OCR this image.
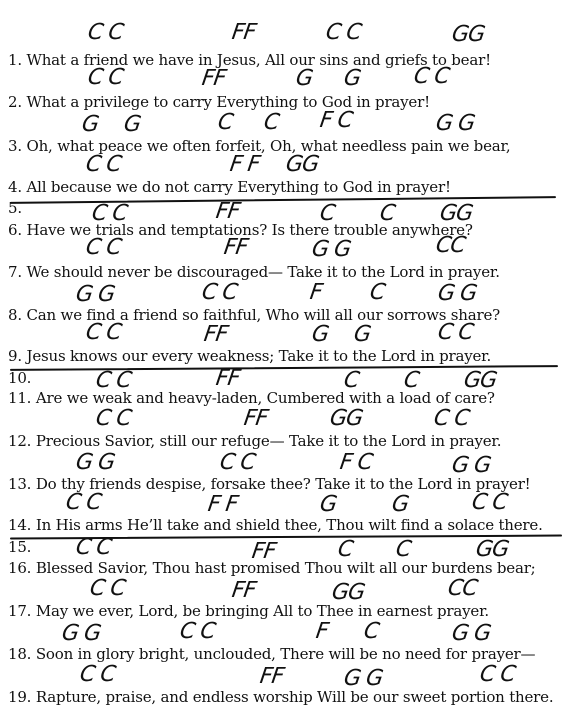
C C	FF	C C	GG
1. What a friend we have in Jesus, All our sins and griefs to bear!
C C	FF	G G C C
2. What a privilege to carry Everything to God in prayer!
G G	C C F C	G G
3. Oh, what peace we often forfeit, Oh, what needless pain we bear,
C C	F F GG
4. All because we do not carry Everything to God in prayer!
5.	C C	FF	C C GG
6. Have we trials and temptations? Is there trouble anywhere?
C C	FF	G G	CC
7. We should never be discouraged— Take it to the Lord in prayer.
G G	C C	F C G G
8. Can we find a friend so faithful, Who will all our sorrows share?
C C	FF	G G	C C
9. Jesus knows our every weakness; Take it to the Lord in prayer.
10.	C C	FF	C C GG
11. Are we weak and heavy-laden, Cumbered with a load of care?
C C	FF	GG	C C
12. Precious Savior, still our refuge— Take it to the Lord in prayer.
G G	C C	F C	G G
13. Do thy friends despise, forsake thee? Take it to the Lord in prayer!
C C	F F	G G	C C
14. In His arms He’ll take and shield thee, Thou wilt find a solace there.
15. C C	FF	C C	GG
16. Blessed Savior, Thou hast promised Thou wilt all our burdens bear;
C C	FF	GG	CC
17. May we ever, Lord, be bringing All to Thee in earnest prayer.
G G	C C	F C	G G
18. Soon in glory bright, unclouded, There will be no need for prayer—
C C	FF	G G	C C
19. Rapture, praise, and endless worship Will be our sweet portion there.
